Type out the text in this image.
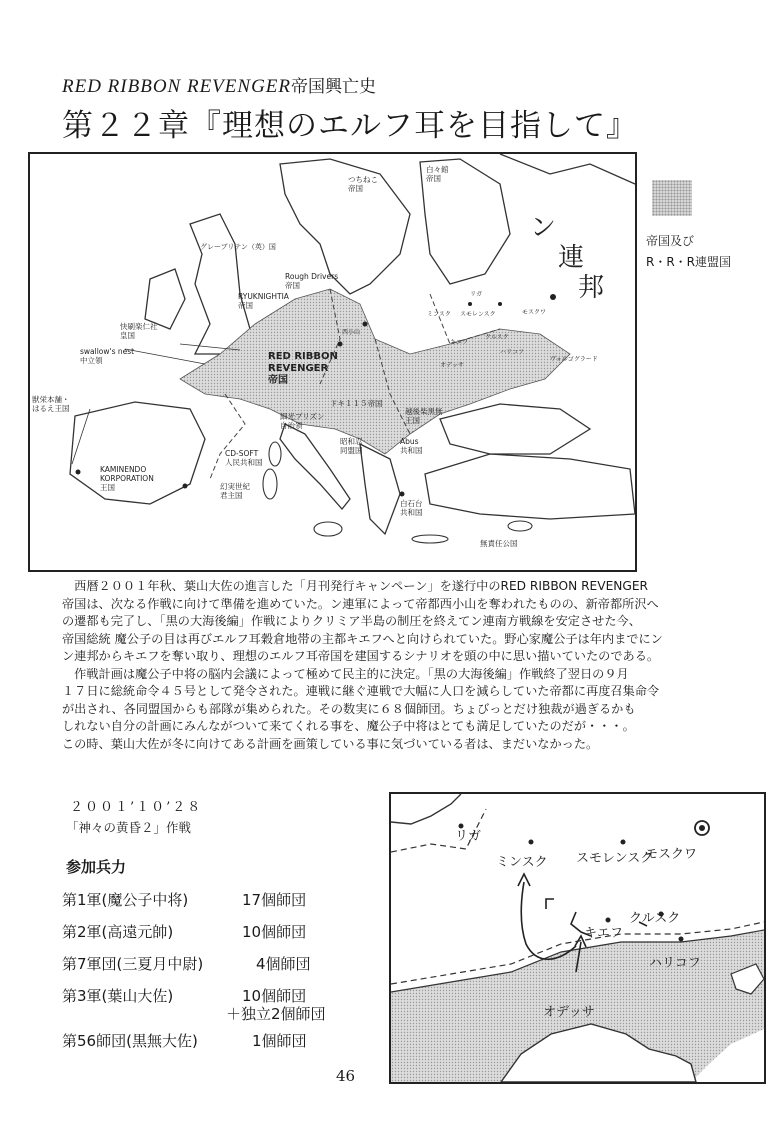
RED RIBBON REVENGER帝国興亡史
第２２章『理想のエルフ耳を目指して』
つちねこ帝国
白々館帝国
ン
連
邦
グレーブリテン（英）国
Rough Drivers 帝国
RYUKNIGHTIA 帝国
快刷楽仁社皇国
swallow's nest 中立領	RED RIBBON REVENGER 帝国
獣栄本舗・はるえ王国
ドキ１１５帝国
細光プリズン自治領
越後柴黒無王国
昭和忍同盟国
Abus 共和国
CD-SOFT 人民共和国
KAMINENDO KORPORATION 王国	幻実世紀君主国
白石台共和国
無責任公国
リガ
ミンスク スモレンスク	モスクワ
西小山
キエフ
クルスク
ハリコフ
ヴォルゴグラード
オデッサ
帝国及び
R・R・R連盟国

　西暦２００１年秋、葉山大佐の進言した「月刊発行キャンペーン」を遂行中のRED RIBBON REVENGER

帝国は、次なる作戦に向けて準備を進めていた。ン連軍によって帝都西小山を奪われたものの、新帝都所沢へ

の遷都も完了し、「黒の大海後編」作戦によりクリミア半島の制圧を終えてン連南方戦線を安定させた今、

帝国総統 魔公子の目は再びエルフ耳穀倉地帯の主都キエフへと向けられていた。野心家魔公子は年内までにン

ン連邦からキエフを奪い取り、理想のエルフ耳帝国を建国するシナリオを頭の中に思い描いていたのである。

　作戦計画は魔公子中将の脳内会議によって極めて民主的に決定。「黒の大海後編」作戦終了翌日の９月

１７日に総統命令４５号として発令された。連戦に継ぐ連戦で大幅に人口を減らしていた帝都に再度召集命令

が出され、各同盟国からも部隊が集められた。その数実に６８個師団。ちょびっとだけ独裁が過ぎるかも

しれない自分の計画にみんながついて来てくれる事を、魔公子中将はとても満足していたのだが・・・。

この時、葉山大佐が冬に向けてある計画を画策している事に気づいている者は、まだいなかった。

２００１’１０’２８
「神々の黄昏２」作戦
参加兵力
第1軍(魔公子中将)	17個師団
第2軍(高遠元帥)	10個師団
第7軍団(三夏月中尉)	4個師団
第3軍(葉山大佐)	10個師団
＋独立2個師団
第56師団(黒無大佐)	1個師団
リガ
ミンスク スモレンスク
モスクワ
キエフ
クルスク
ハリコフ
オデッサ
46
